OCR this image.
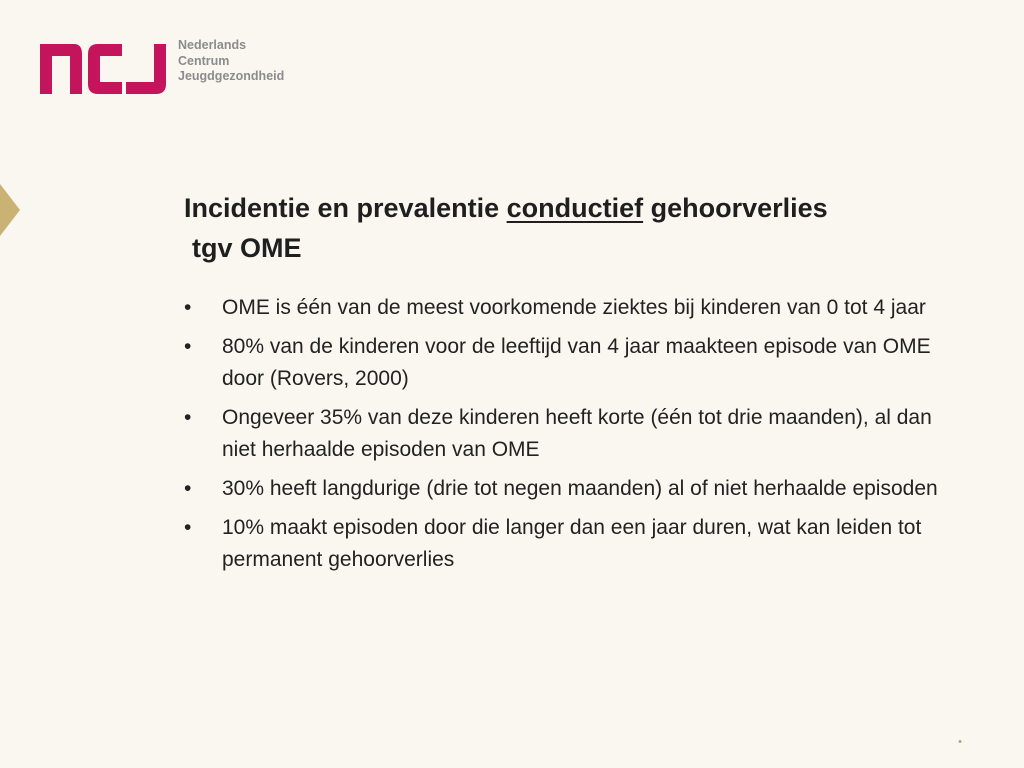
Nederlands
Centrum
Jeugdgezondheid
Incidentie en prevalentie conductief gehoorverlies
tgv OME
• OME is één van de meest voorkomende ziektes bij kinderen van 0 tot 4 jaar
• 80% van de kinderen voor de leeftijd van 4 jaar maakteen episode van OME door (Rovers, 2000)
• Ongeveer 35% van deze kinderen heeft korte (één tot drie maanden), al dan niet herhaalde episoden van OME
• 30% heeft langdurige (drie tot negen maanden) al of niet herhaalde episoden
• 10% maakt episoden door die langer dan een jaar duren, wat kan leiden tot permanent gehoorverlies
•
